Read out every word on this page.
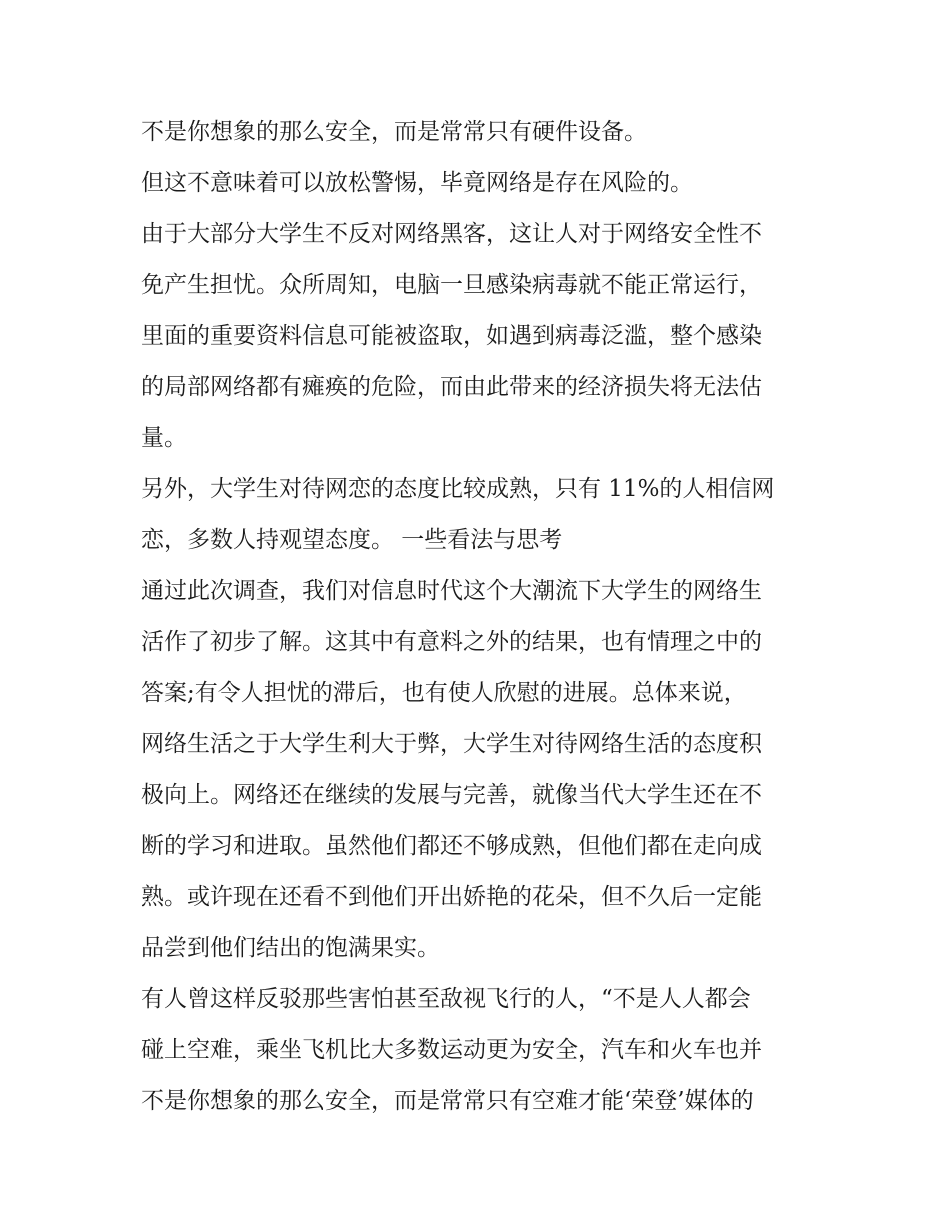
不是你想象的那么安全，而是常常只有硬件设备。
但这不意味着可以放松警惕，毕竟网络是存在风险的。
由于大部分大学生不反对网络黑客，这让人对于网络安全性不
免产生担忧。众所周知，电脑一旦感染病毒就不能正常运行，
里面的重要资料信息可能被盗取，如遇到病毒泛滥，整个感染
的局部网络都有瘫痪的危险，而由此带来的经济损失将无法估
量。
另外，大学生对待网恋的态度比较成熟，只有 11%的人相信网
恋，多数人持观望态度。 一些看法与思考
通过此次调查，我们对信息时代这个大潮流下大学生的网络生
活作了初步了解。这其中有意料之外的结果，也有情理之中的
答案;有令人担忧的滞后，也有使人欣慰的进展。总体来说，
网络生活之于大学生利大于弊，大学生对待网络生活的态度积
极向上。网络还在继续的发展与完善，就像当代大学生还在不
断的学习和进取。虽然他们都还不够成熟，但他们都在走向成
熟。或许现在还看不到他们开出娇艳的花朵，但不久后一定能
品尝到他们结出的饱满果实。
有人曾这样反驳那些害怕甚至敌视飞行的人，“不是人人都会
碰上空难，乘坐飞机比大多数运动更为安全，汽车和火车也并
不是你想象的那么安全，而是常常只有空难才能‘荣登’媒体的
